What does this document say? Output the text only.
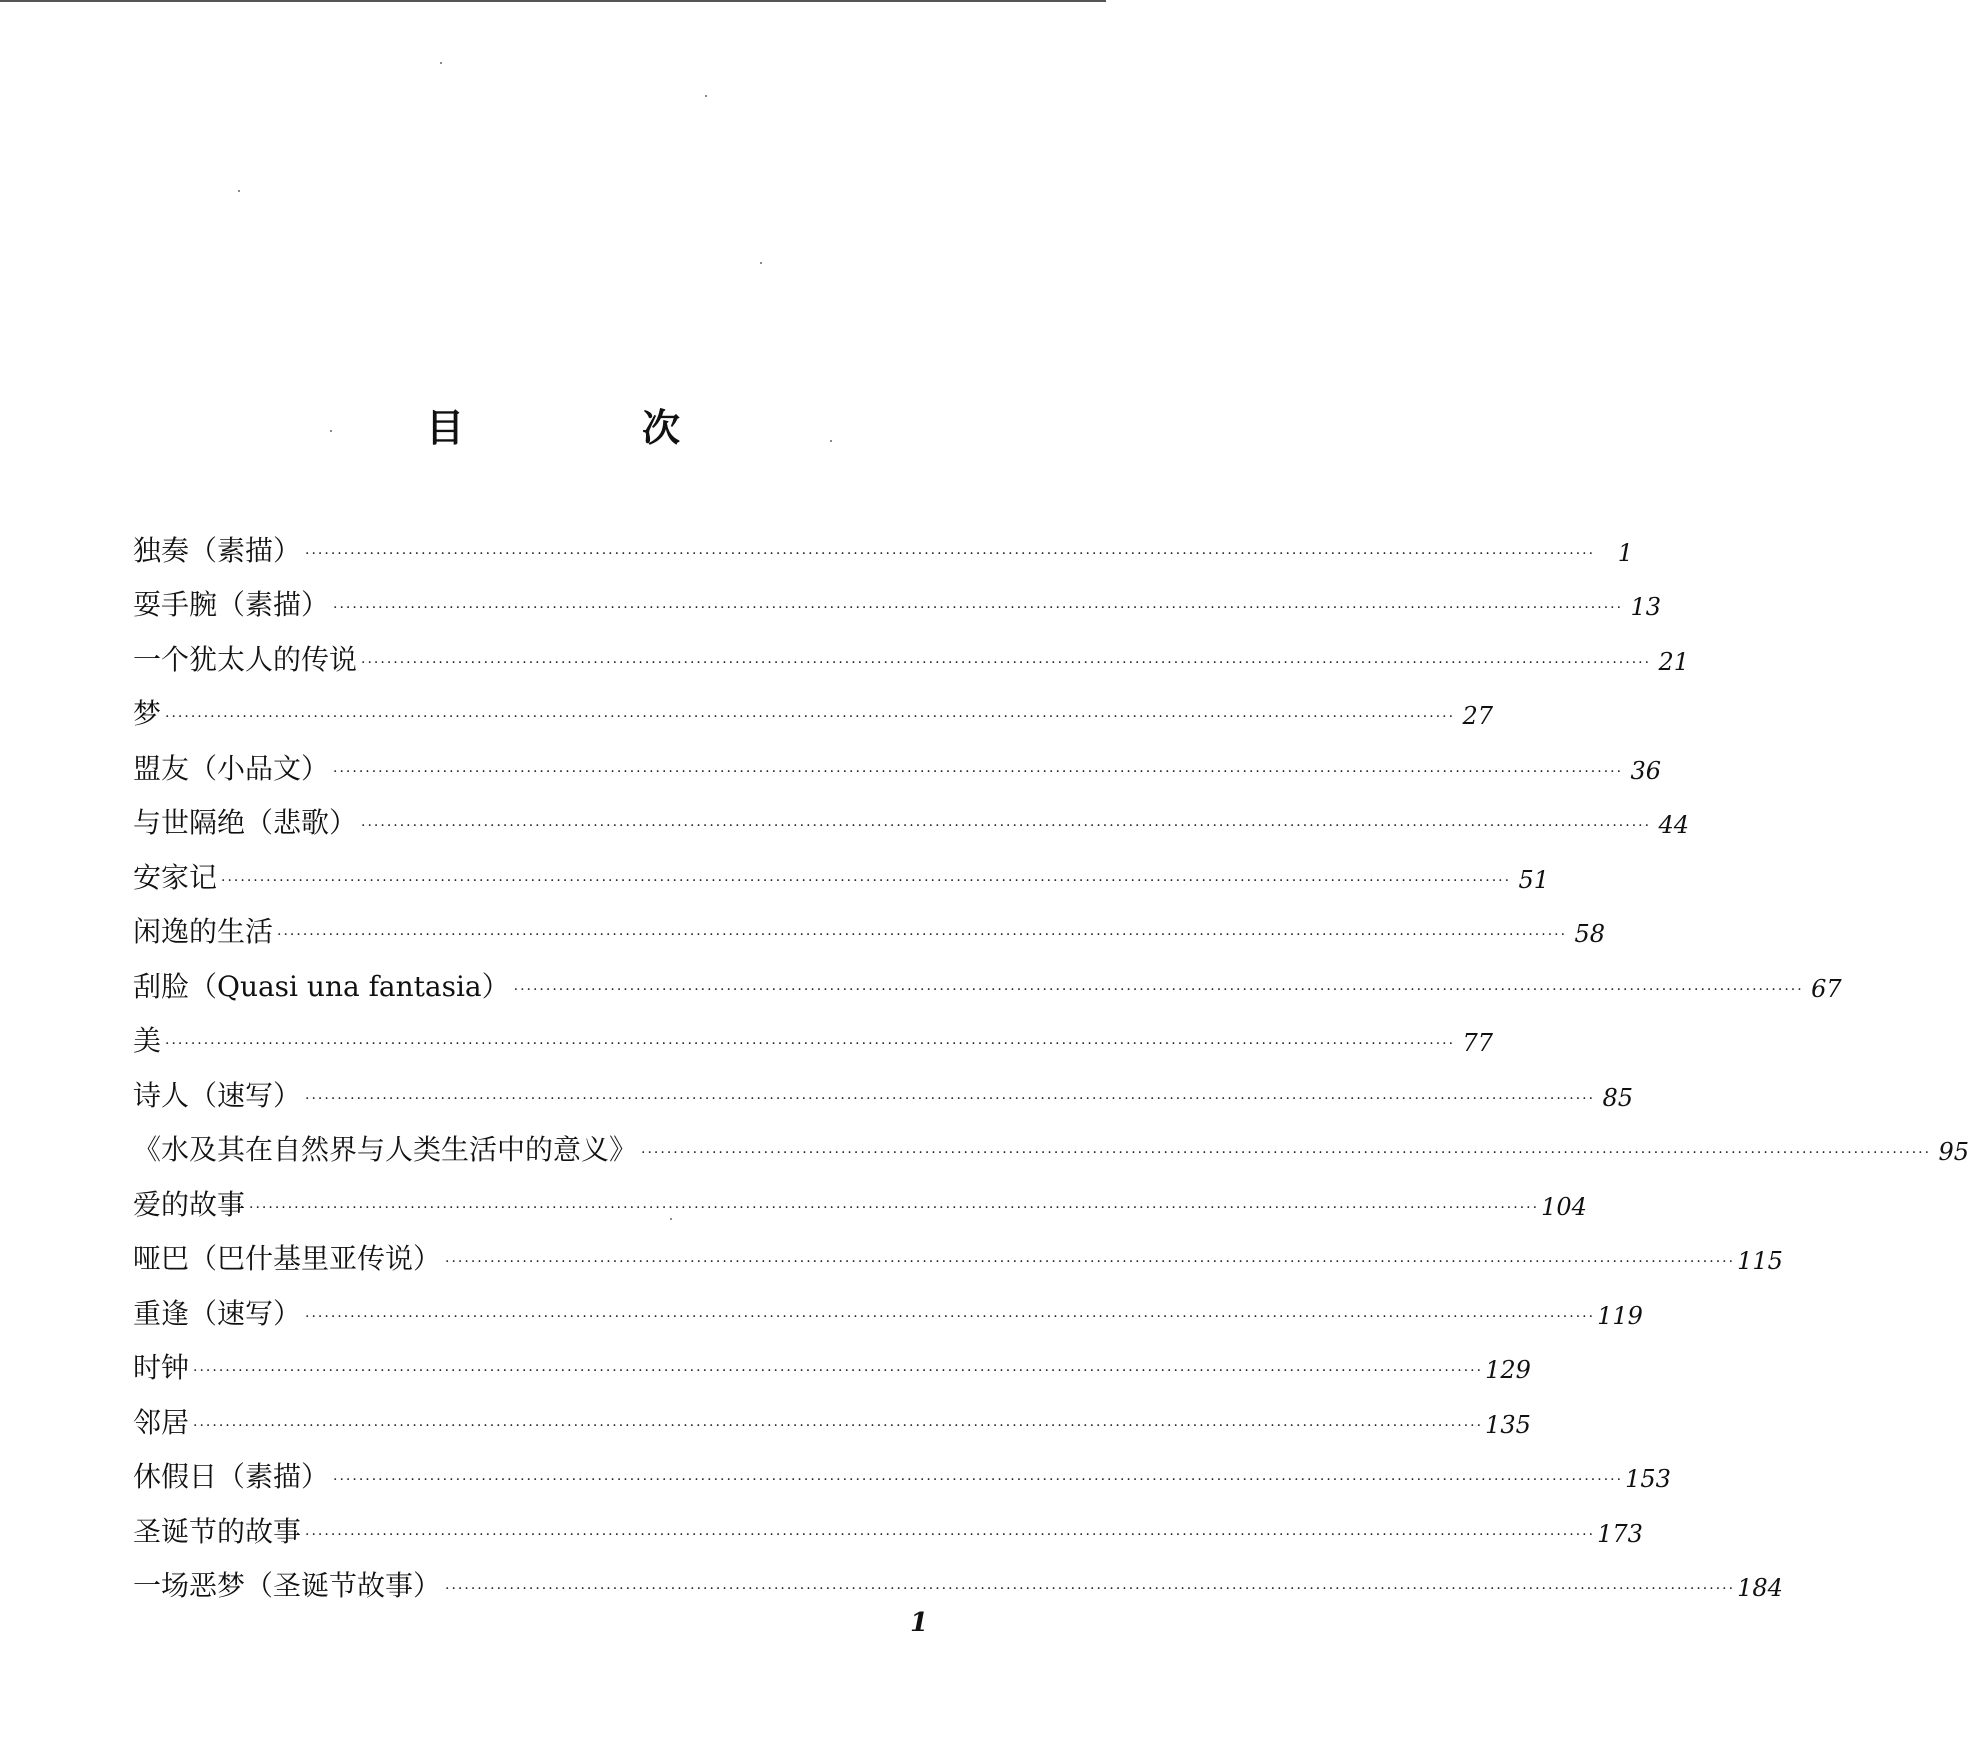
目　次
独奏（素描） ········································································································································································································ 1
耍手腕（素描） ········································································································································································································ 13
一个犹太人的传说 ········································································································································································································ 21
梦 ········································································································································································································ 27
盟友（小品文） ········································································································································································································ 36
与世隔绝（悲歌） ········································································································································································································ 44
安家记 ········································································································································································································ 51
闲逸的生活 ········································································································································································································ 58
刮脸（Quasi una fantasia） ········································································································································································································ 67
美 ········································································································································································································ 77
诗人（速写） ········································································································································································································ 85
《水及其在自然界与人类生活中的意义》 ········································································································································································································ 95
爱的故事 ········································································································································································································ 104
哑巴（巴什基里亚传说） ········································································································································································································ 115
重逢（速写） ········································································································································································································ 119
时钟 ········································································································································································································ 129
邻居 ········································································································································································································ 135
休假日（素描） ········································································································································································································ 153
圣诞节的故事 ········································································································································································································ 173
一场恶梦（圣诞节故事） ········································································································································································································ 184
1
